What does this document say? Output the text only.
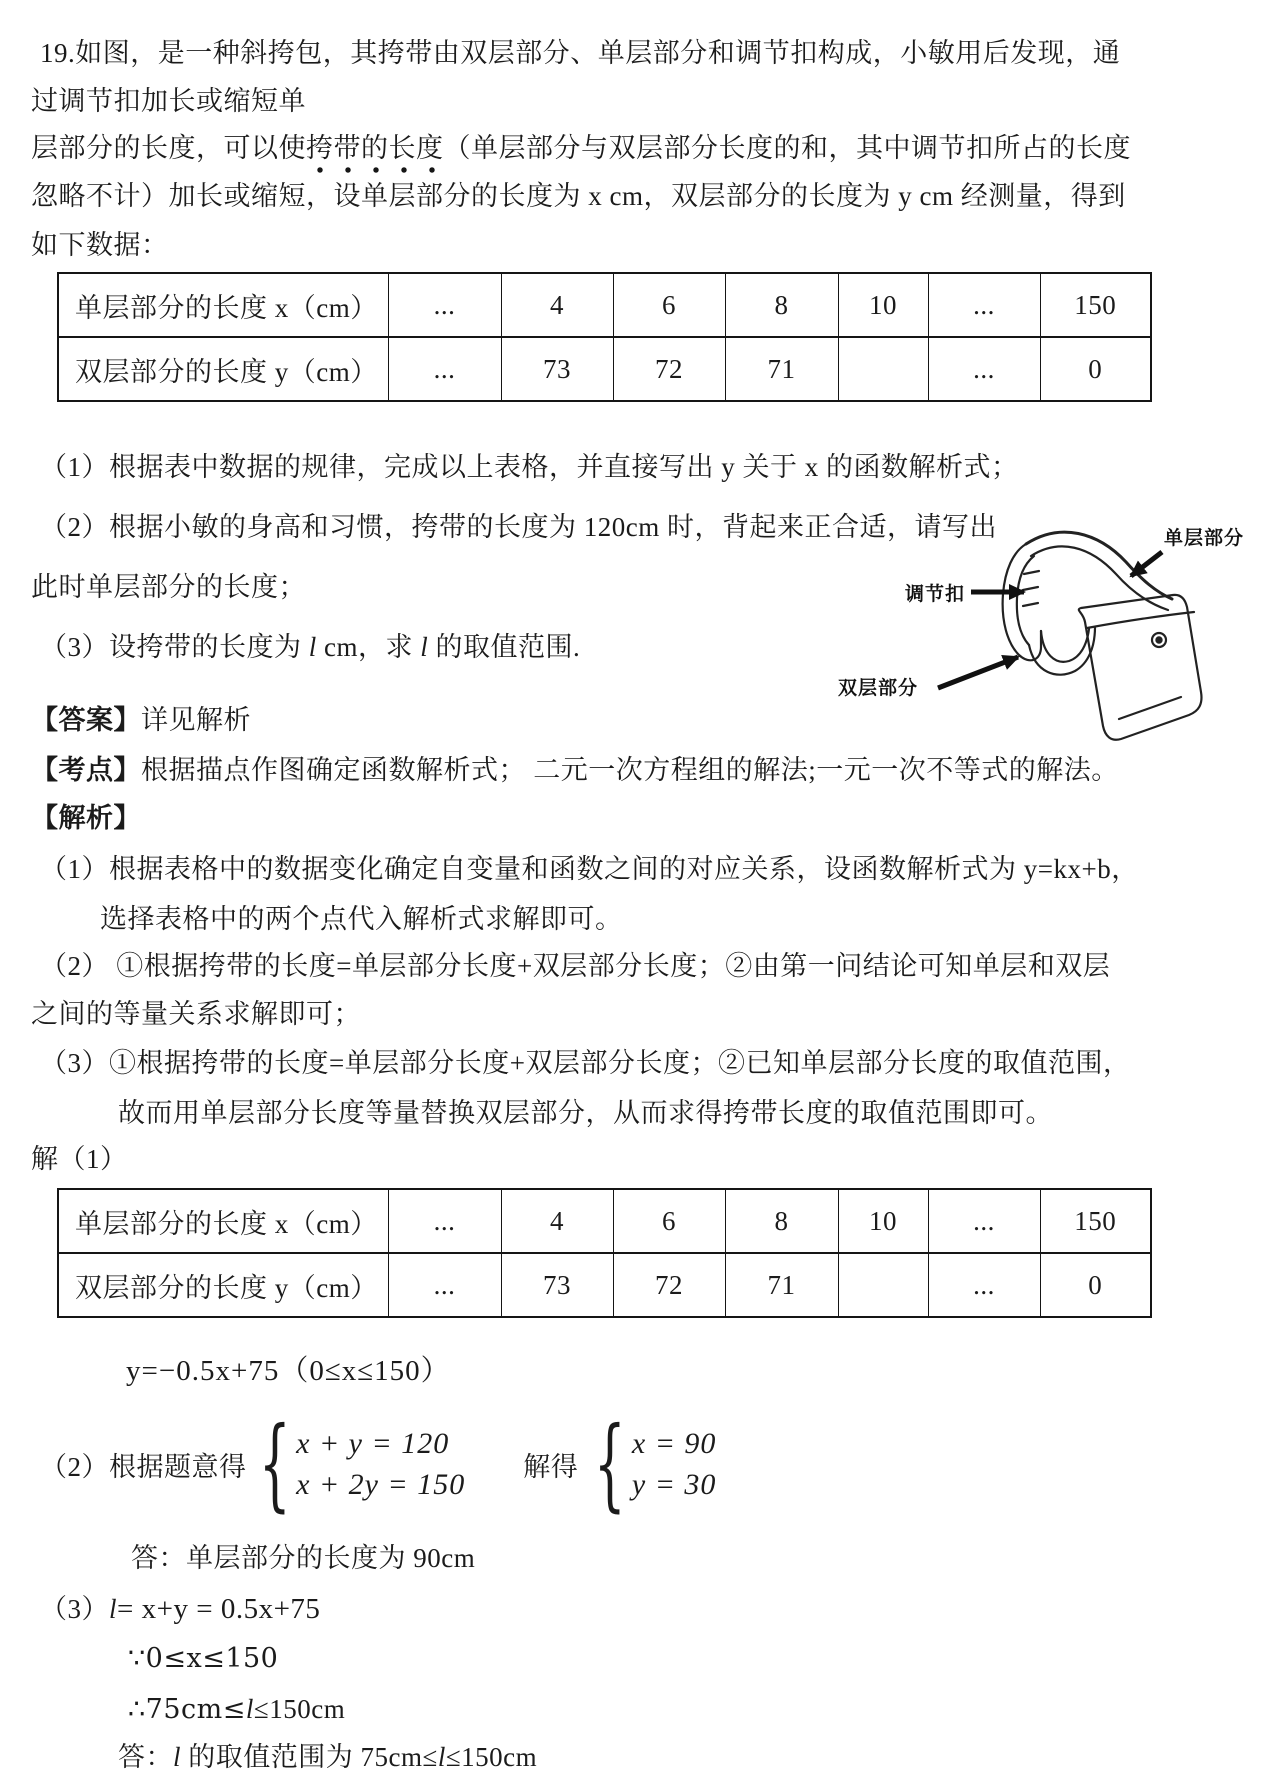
19.如图，是一种斜挎包，其挎带由双层部分、单层部分和调节扣构成，小敏用后发现，通
过调节扣加长或缩短单
层部分的长度，可以使挎带的长度（单层部分与双层部分长度的和，其中调节扣所占的长度
忽略不计）加长或缩短，设单层部分的长度为 x cm，双层部分的长度为 y cm 经测量，得到
如下数据：
单层部分的长度 x（cm）	...	4	6	8	10	...	150
双层部分的长度 y（cm）	...	73	72	71		...	0
（1）根据表中数据的规律，完成以上表格，并直接写出 y 关于 x 的函数解析式；
（2）根据小敏的身高和习惯，挎带的长度为 120cm 时，背起来正合适，请写出
此时单层部分的长度；
（3）设挎带的长度为 l cm，求 l 的取值范围.
单层部分
调节扣
双层部分
【答案】详见解析
【考点】根据描点作图确定函数解析式； 二元一次方程组的解法;一元一次不等式的解法。
【解析】
（1）根据表格中的数据变化确定自变量和函数之间的对应关系，设函数解析式为 y=kx+b，
选择表格中的两个点代入解析式求解即可。
（2） ①根据挎带的长度=单层部分长度+双层部分长度；②由第一问结论可知单层和双层
之间的等量关系求解即可；
（3）①根据挎带的长度=单层部分长度+双层部分长度；②已知单层部分长度的取值范围，
故而用单层部分长度等量替换双层部分，从而求得挎带长度的取值范围即可。
解（1）
单层部分的长度 x（cm）	...	4	6	8	10	...	150
双层部分的长度 y（cm）	...	73	72	71		...	0
y=−0.5x+75（0≤x≤150）
（2）根据题意得 { x + y = 120
x + 2y = 150
解得 { x = 90
y = 30
答：单层部分的长度为 90cm
（3）l= x+y = 0.5x+75
∵0≤x≤150
∴75cm≤l≤150cm
答：l 的取值范围为 75cm≤l≤150cm
